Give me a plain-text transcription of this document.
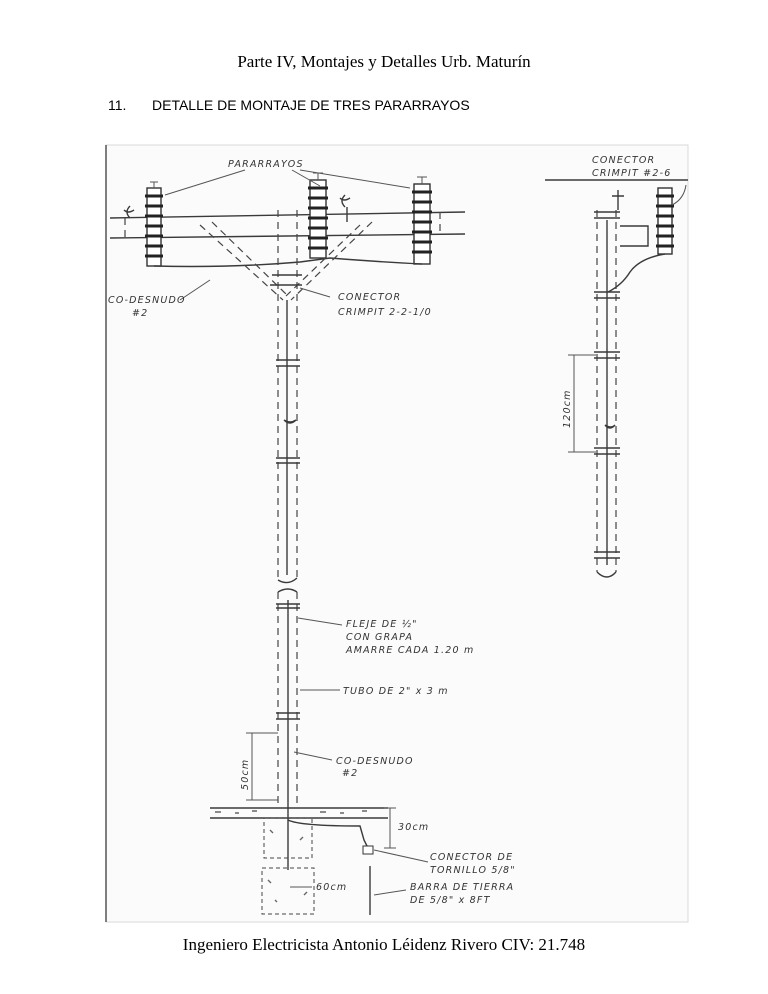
Parte IV, Montajes y Detalles Urb. Maturín
11. DETALLE DE MONTAJE DE TRES PARARRAYOS
50cm
30cm
60cm
PARARRAYOS
CO-DESNUDO
#2
CONECTOR
CRIMPIT 2-2-1/0
FLEJE DE ½"
CON GRAPA
AMARRE CADA 1.20 m
TUBO DE 2" x 3 m
CO-DESNUDO
#2
CONECTOR DE
TORNILLO 5/8"
BARRA DE TIERRA
DE 5/8" x 8FT
120cm
CONECTOR
CRIMPIT #2-6
Ingeniero Electricista Antonio Léidenz Rivero CIV: 21.748
